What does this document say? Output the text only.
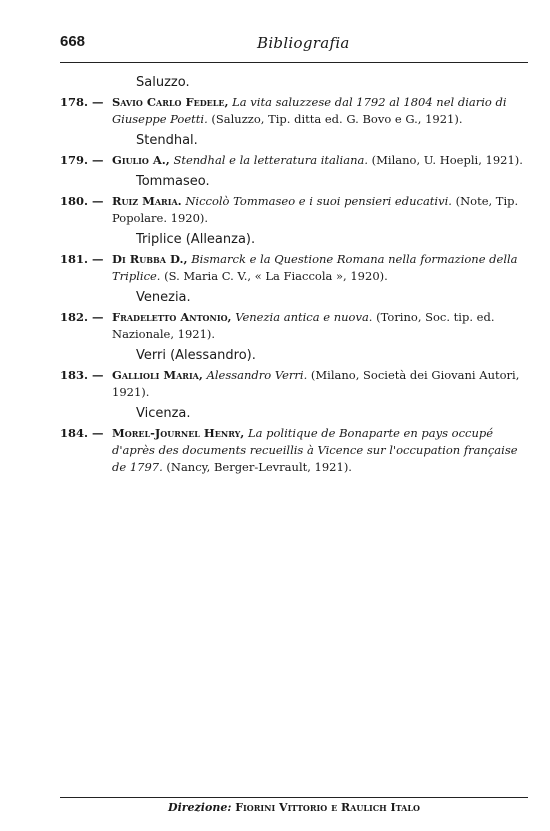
668	Bibliografia
Saluzzo.
178. — Savio Carlo Fedele, La vita saluzzese dal 1792 al 1804 nel diario di Giuseppe Poetti. (Saluzzo, Tip. ditta ed. G. Bovo e G., 1921).
Stendhal.
179. — Giulio A., Stendhal e la letteratura italiana. (Milano, U. Hoepli, 1921).
Tommaseo.
180. — Ruiz Maria. Niccolò Tommaseo e i suoi pensieri educativi. (Note, Tip. Popolare. 1920).
Triplice (Alleanza).
181. — Di Rubba D., Bismarck e la Questione Romana nella formazione della Triplice. (S. Maria C. V., « La Fiaccola », 1920).
Venezia.
182. — Fradeletto Antonio, Venezia antica e nuova. (Torino, Soc. tip. ed. Nazionale, 1921).
Verri (Alessandro).
183. — Gallioli Maria, Alessandro Verri. (Milano, Società dei Giovani Autori, 1921).
Vicenza.
184. — Morel-Journel Henry, La politique de Bonaparte en pays occupé d'après des documents recueillis à Vicence sur l'occupation française de 1797. (Nancy, Berger-Levrault, 1921).
Direzione: Fiorini Vittorio e Raulich Italo
